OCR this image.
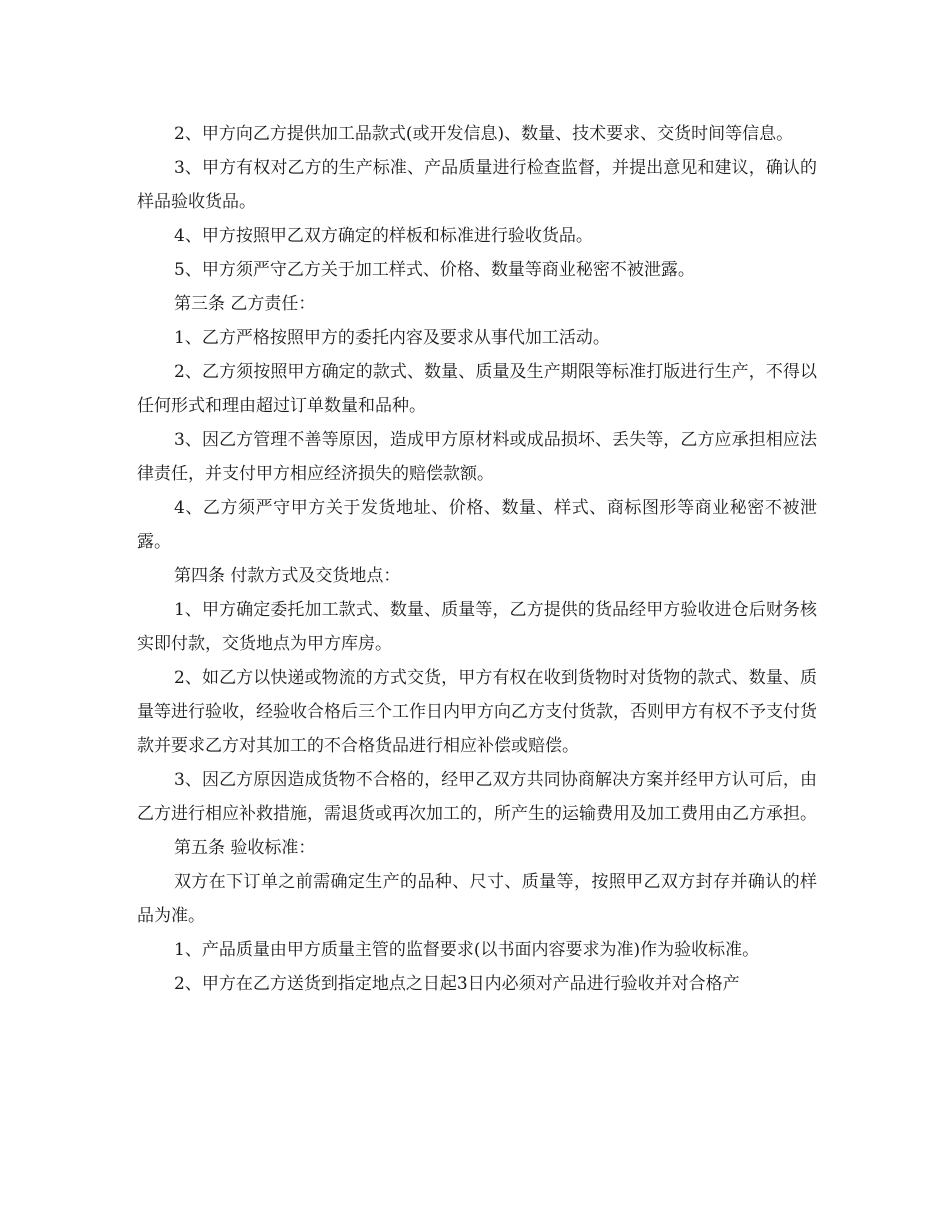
2、甲方向乙方提供加工品款式(或开发信息)、数量、技术要求、交货时间等信息。

3、甲方有权对乙方的生产标准、产品质量进行检查监督，并提出意见和建议，确认的样品验收货品。

4、甲方按照甲乙双方确定的样板和标准进行验收货品。

5、甲方须严守乙方关于加工样式、价格、数量等商业秘密不被泄露。

第三条 乙方责任：

1、乙方严格按照甲方的委托内容及要求从事代加工活动。

2、乙方须按照甲方确定的款式、数量、质量及生产期限等标准打版进行生产，不得以任何形式和理由超过订单数量和品种。

3、因乙方管理不善等原因，造成甲方原材料或成品损坏、丢失等，乙方应承担相应法律责任，并支付甲方相应经济损失的赔偿款额。

4、乙方须严守甲方关于发货地址、价格、数量、样式、商标图形等商业秘密不被泄露。

第四条 付款方式及交货地点：

1、甲方确定委托加工款式、数量、质量等，乙方提供的货品经甲方验收进仓后财务核实即付款，交货地点为甲方库房。

2、如乙方以快递或物流的方式交货，甲方有权在收到货物时对货物的款式、数量、质量等进行验收，经验收合格后三个工作日内甲方向乙方支付货款，否则甲方有权不予支付货款并要求乙方对其加工的不合格货品进行相应补偿或赔偿。

3、因乙方原因造成货物不合格的，经甲乙双方共同协商解决方案并经甲方认可后，由乙方进行相应补救措施，需退货或再次加工的，所产生的运输费用及加工费用由乙方承担。

第五条 验收标准：

双方在下订单之前需确定生产的品种、尺寸、质量等，按照甲乙双方封存并确认的样品为准。

1、产品质量由甲方质量主管的监督要求(以书面内容要求为准)作为验收标准。

2、甲方在乙方送货到指定地点之日起3日内必须对产品进行验收并对合格产
